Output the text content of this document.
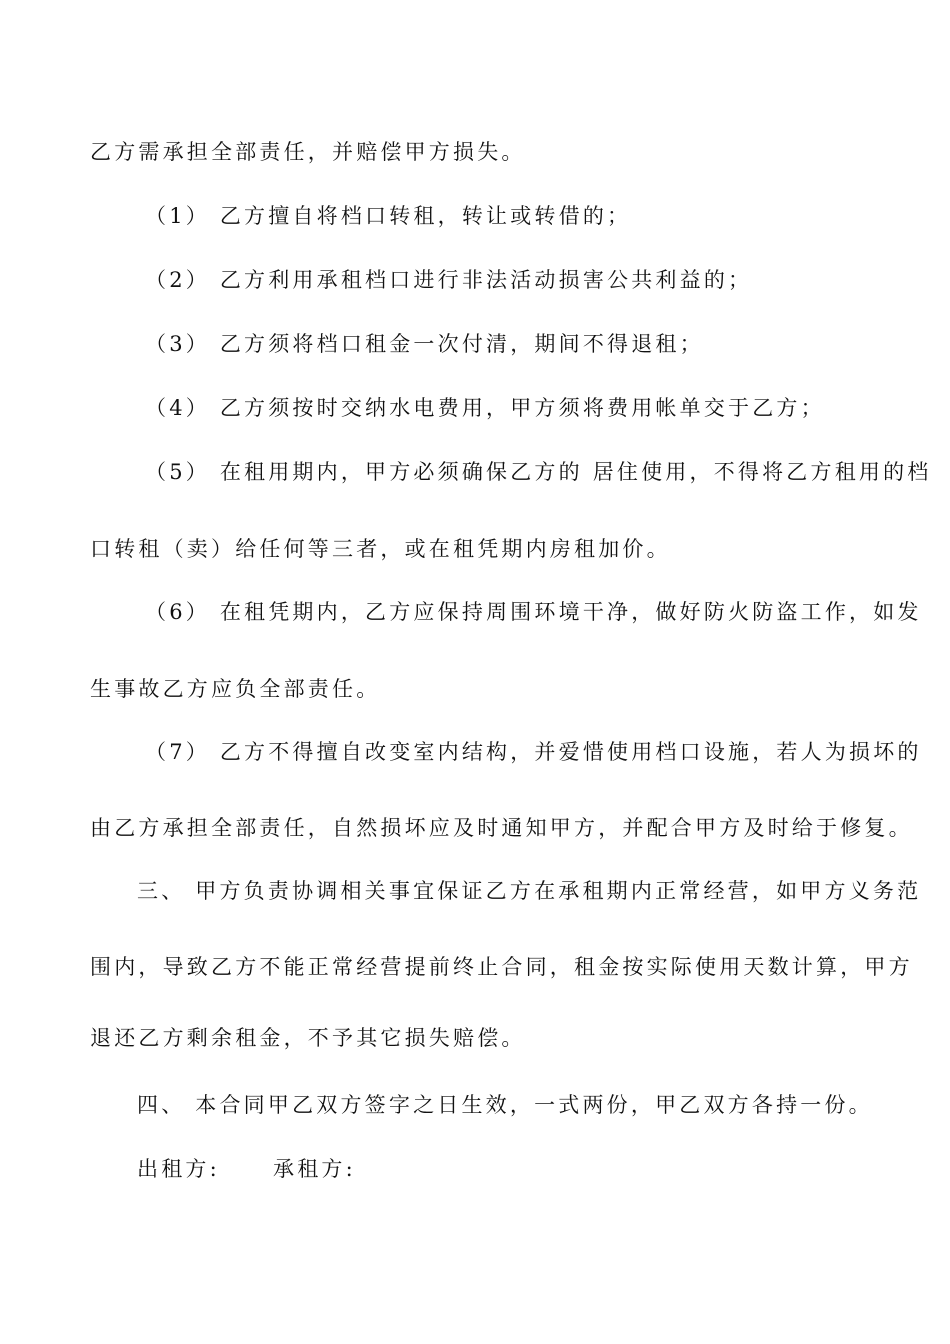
乙方需承担全部责任，并赔偿甲方损失。
（1） 乙方擅自将档口转租，转让或转借的；
（2） 乙方利用承租档口进行非法活动损害公共利益的；
（3） 乙方须将档口租金一次付清，期间不得退租；
（4） 乙方须按时交纳水电费用，甲方须将费用帐单交于乙方；
（5） 在租用期内，甲方必须确保乙方的 居住使用，不得将乙方租用的档
口转租（卖）给任何等三者，或在租凭期内房租加价。
（6） 在租凭期内，乙方应保持周围环境干净，做好防火防盗工作，如发
生事故乙方应负全部责任。
（7） 乙方不得擅自改变室内结构，并爱惜使用档口设施，若人为损坏的
由乙方承担全部责任，自然损坏应及时通知甲方，并配合甲方及时给于修复。
三、 甲方负责协调相关事宜保证乙方在承租期内正常经营，如甲方义务范
围内，导致乙方不能正常经营提前终止合同，租金按实际使用天数计算，甲方
退还乙方剩余租金，不予其它损失赔偿。
四、 本合同甲乙双方签字之日生效，一式两份，甲乙双方各持一份。
出租方:	承租方:
